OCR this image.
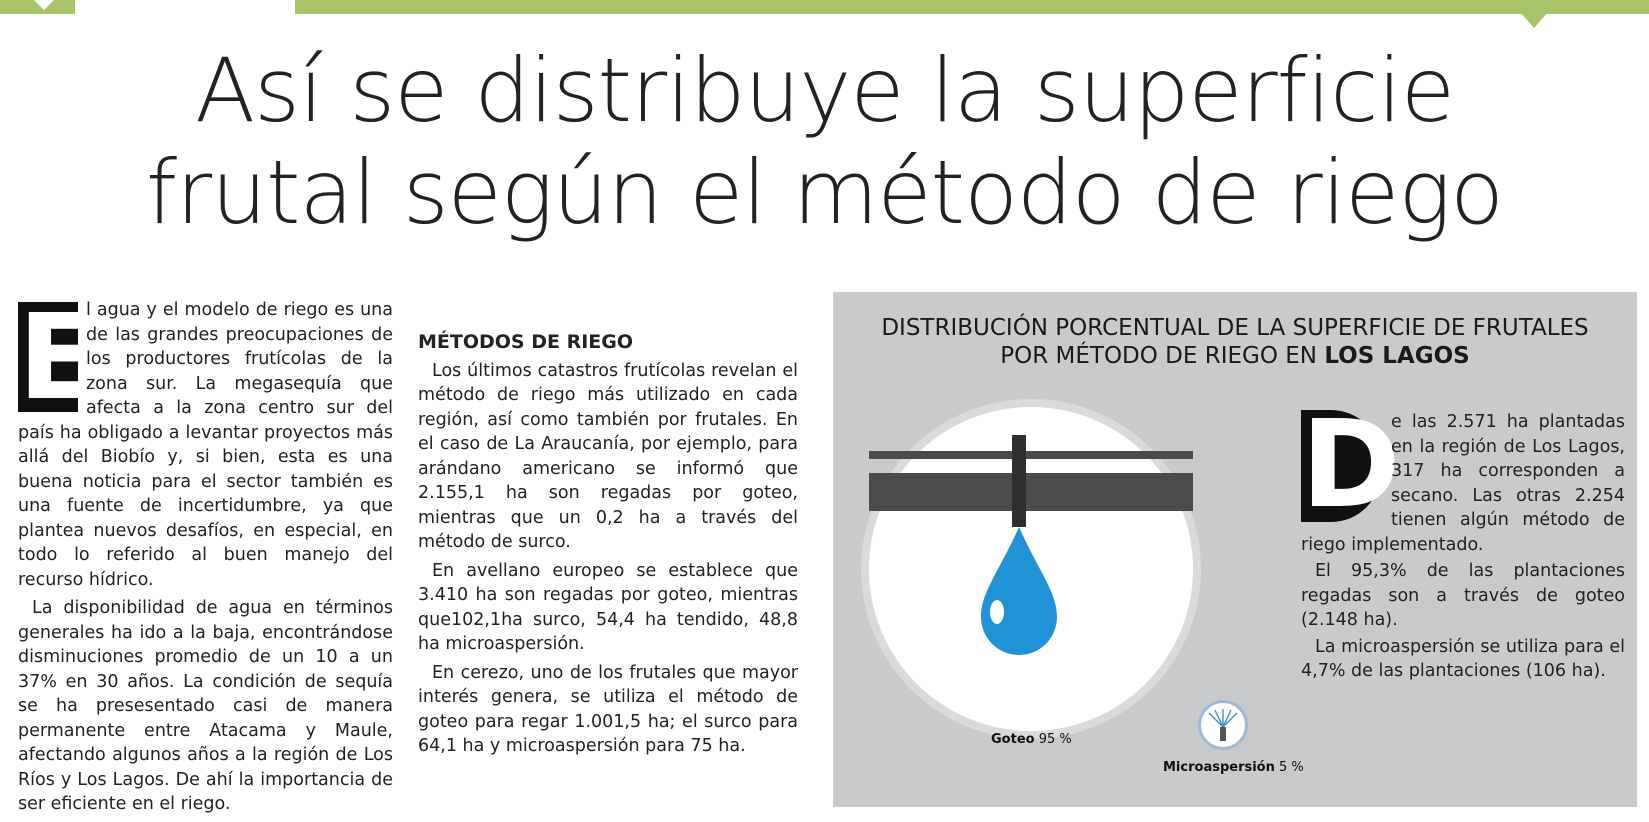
Así se distribuye la superficie
frutal según el método de riego
E

l agua y el modelo de riego es una de las grandes preocupaciones de los productores frutícolas de la zona sur. La megasequía que afecta a la zona centro sur del país ha obligado a levantar proyectos más allá del Biobío y, si bien, esta es una buena noticia para el sector también es una fuente de incertidumbre, ya que plantea nuevos desafíos, en especial, en todo lo referido al buen manejo del recurso hídrico.

La disponibilidad de agua en términos generales ha ido a la baja, encontrándose disminuciones promedio de un 10 a un 37% en 30 años. La condición de sequía se ha presesentado casi de manera permanente entre Atacama y Maule, afectando algunos años a la región de Los Ríos y Los Lagos. De ahí la importancia de ser eficiente en el riego.

MÉTODOS DE RIEGO

Los últimos catastros frutícolas revelan el método de riego más utilizado en cada región, así como también por frutales. En el caso de La Araucanía, por ejemplo, para arándano americano se informó que 2.155,1 ha son regadas por goteo, mientras que un 0,2 ha a través del método de surco.

En avellano europeo se establece que 3.410 ha son regadas por goteo, mientras que102,1ha surco, 54,4 ha tendido, 48,8 ha microaspersión.

En cerezo, uno de los frutales que mayor interés genera, se utiliza el método de goteo para regar 1.001,5 ha; el surco para 64,1 ha y microaspersión para 75 ha.

DISTRIBUCIÓN PORCENTUAL DE LA SUPERFICIE DE FRUTALES
POR MÉTODO DE RIEGO EN LOS LAGOS
Goteo 95 %
Microaspersión 5 %
D

e las 2.571 ha plantadas en la región de Los Lagos, 317 ha corresponden a secano. Las otras 2.254 tienen algún método de riego implementado.

El 95,3% de las plantaciones regadas son a través de goteo (2.148 ha).

La microaspersión se utiliza para el 4,7% de las plantaciones (106 ha).
